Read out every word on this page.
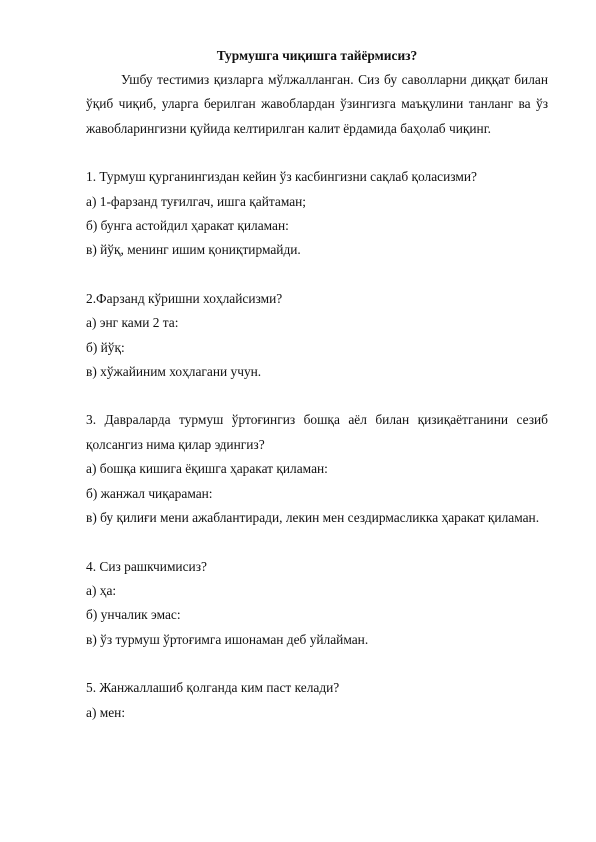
Турмушга чиқишга тайёрмисиз?

Ушбу тестимиз қизларга мўлжалланган. Сиз бу саволларни диққат билан ўқиб чиқиб, уларга берилган жавоблардан ўзингизга маъқулини танланг ва ўз жавобларингизни қуйида келтирилган калит ёрдамида баҳолаб чиқинг.

1. Турмуш қурганингиздан кейин ўз касбингизни сақлаб қоласизми?

а) 1-фарзанд туғилгач, ишга қайтаман;

б) бунга астойдил ҳаракат қиламан:

в) йўқ, менинг ишим қониқтирмайди.

2.Фарзанд кўришни хоҳлайсизми?

а) энг ками 2 та:

б) йўқ:

в) хўжайиним хоҳлагани учун.

3. Давраларда турмуш ўртоғингиз бошқа аёл билан қизиқаётганини сезиб қолсангиз нима қилар эдингиз?

а) бошқа кишига ёқишга ҳаракат қиламан:

б) жанжал чиқараман:

в) бу қилиғи мени ажаблантиради, лекин мен сездирмасликка ҳаракат қиламан.

4. Сиз рашкчимисиз?

а) ҳа:

б) унчалик эмас:

в) ўз турмуш ўртоғимга ишонаман деб уйлайман.

5. Жанжаллашиб қолганда ким паст келади?

а) мен:
